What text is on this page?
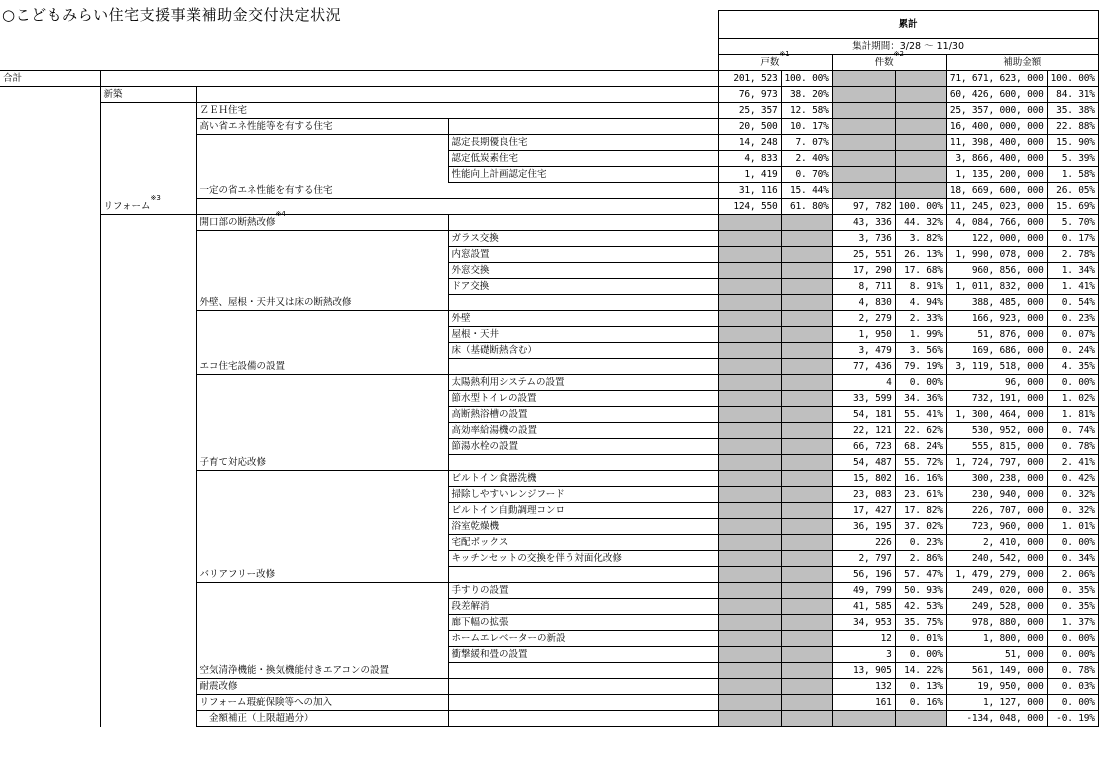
○こどもみらい住宅支援事業補助金交付決定状況
				累計					
				集計期間：3/28 ～ 11/30					
				戸数$^{※1}$		件数$^{※2}$		補助金額	
合計				201, 523	100. 00%			71, 671, 623, 000	100. 00%
	新築			76, 973	38. 20%			60, 426, 600, 000	84. 31%
		ＺＥＨ住宅		25, 357	12. 58%			25, 357, 000, 000	35. 38%
		高い省エネ性能等を有する住宅		20, 500	10. 17%			16, 400, 000, 000	22. 88%
			認定長期優良住宅	14, 248	7. 07%			11, 398, 400, 000	15. 90%
			認定低炭素住宅	4, 833	2. 40%			3, 866, 400, 000	5. 39%
			性能向上計画認定住宅	1, 419	0. 70%			1, 135, 200, 000	1. 58%
		一定の省エネ性能を有する住宅		31, 116	15. 44%			18, 669, 600, 000	26. 05%
	リフォーム$^{※3}$			124, 550	61. 80%	97, 782	100. 00%	11, 245, 023, 000	15. 69%
		開口部の断熱改修$^{※4}$				43, 336	44. 32%	4, 084, 766, 000	5. 70%
			ガラス交換			3, 736	3. 82%	122, 000, 000	0. 17%
			内窓設置			25, 551	26. 13%	1, 990, 078, 000	2. 78%
			外窓交換			17, 290	17. 68%	960, 856, 000	1. 34%
			ドア交換			8, 711	8. 91%	1, 011, 832, 000	1. 41%
		外壁、屋根・天井又は床の断熱改修				4, 830	4. 94%	388, 485, 000	0. 54%
			外壁			2, 279	2. 33%	166, 923, 000	0. 23%
			屋根・天井			1, 950	1. 99%	51, 876, 000	0. 07%
			床（基礎断熱含む）			3, 479	3. 56%	169, 686, 000	0. 24%
		エコ住宅設備の設置				77, 436	79. 19%	3, 119, 518, 000	4. 35%
			太陽熱利用システムの設置			4	0. 00%	96, 000	0. 00%
			節水型トイレの設置			33, 599	34. 36%	732, 191, 000	1. 02%
			高断熱浴槽の設置			54, 181	55. 41%	1, 300, 464, 000	1. 81%
			高効率給湯機の設置			22, 121	22. 62%	530, 952, 000	0. 74%
			節湯水栓の設置			66, 723	68. 24%	555, 815, 000	0. 78%
		子育て対応改修				54, 487	55. 72%	1, 724, 797, 000	2. 41%
			ビルトイン食器洗機			15, 802	16. 16%	300, 238, 000	0. 42%
			掃除しやすいレンジフード			23, 083	23. 61%	230, 940, 000	0. 32%
			ビルトイン自動調理コンロ			17, 427	17. 82%	226, 707, 000	0. 32%
			浴室乾燥機			36, 195	37. 02%	723, 960, 000	1. 01%
			宅配ボックス			226	0. 23%	2, 410, 000	0. 00%
			キッチンセットの交換を伴う対面化改修			2, 797	2. 86%	240, 542, 000	0. 34%
		バリアフリー改修				56, 196	57. 47%	1, 479, 279, 000	2. 06%
			手すりの設置			49, 799	50. 93%	249, 020, 000	0. 35%
			段差解消			41, 585	42. 53%	249, 528, 000	0. 35%
			廊下幅の拡張			34, 953	35. 75%	978, 880, 000	1. 37%
			ホームエレベーターの新設			12	0. 01%	1, 800, 000	0. 00%
			衝撃緩和畳の設置			3	0. 00%	51, 000	0. 00%
		空気清浄機能・換気機能付きエアコンの設置				13, 905	14. 22%	561, 149, 000	0. 78%
		耐震改修				132	0. 13%	19, 950, 000	0. 03%
		リフォーム瑕疵保険等への加入				161	0. 16%	1, 127, 000	0. 00%
		　金額補正（上限超過分）						-134, 048, 000	-0. 19%
